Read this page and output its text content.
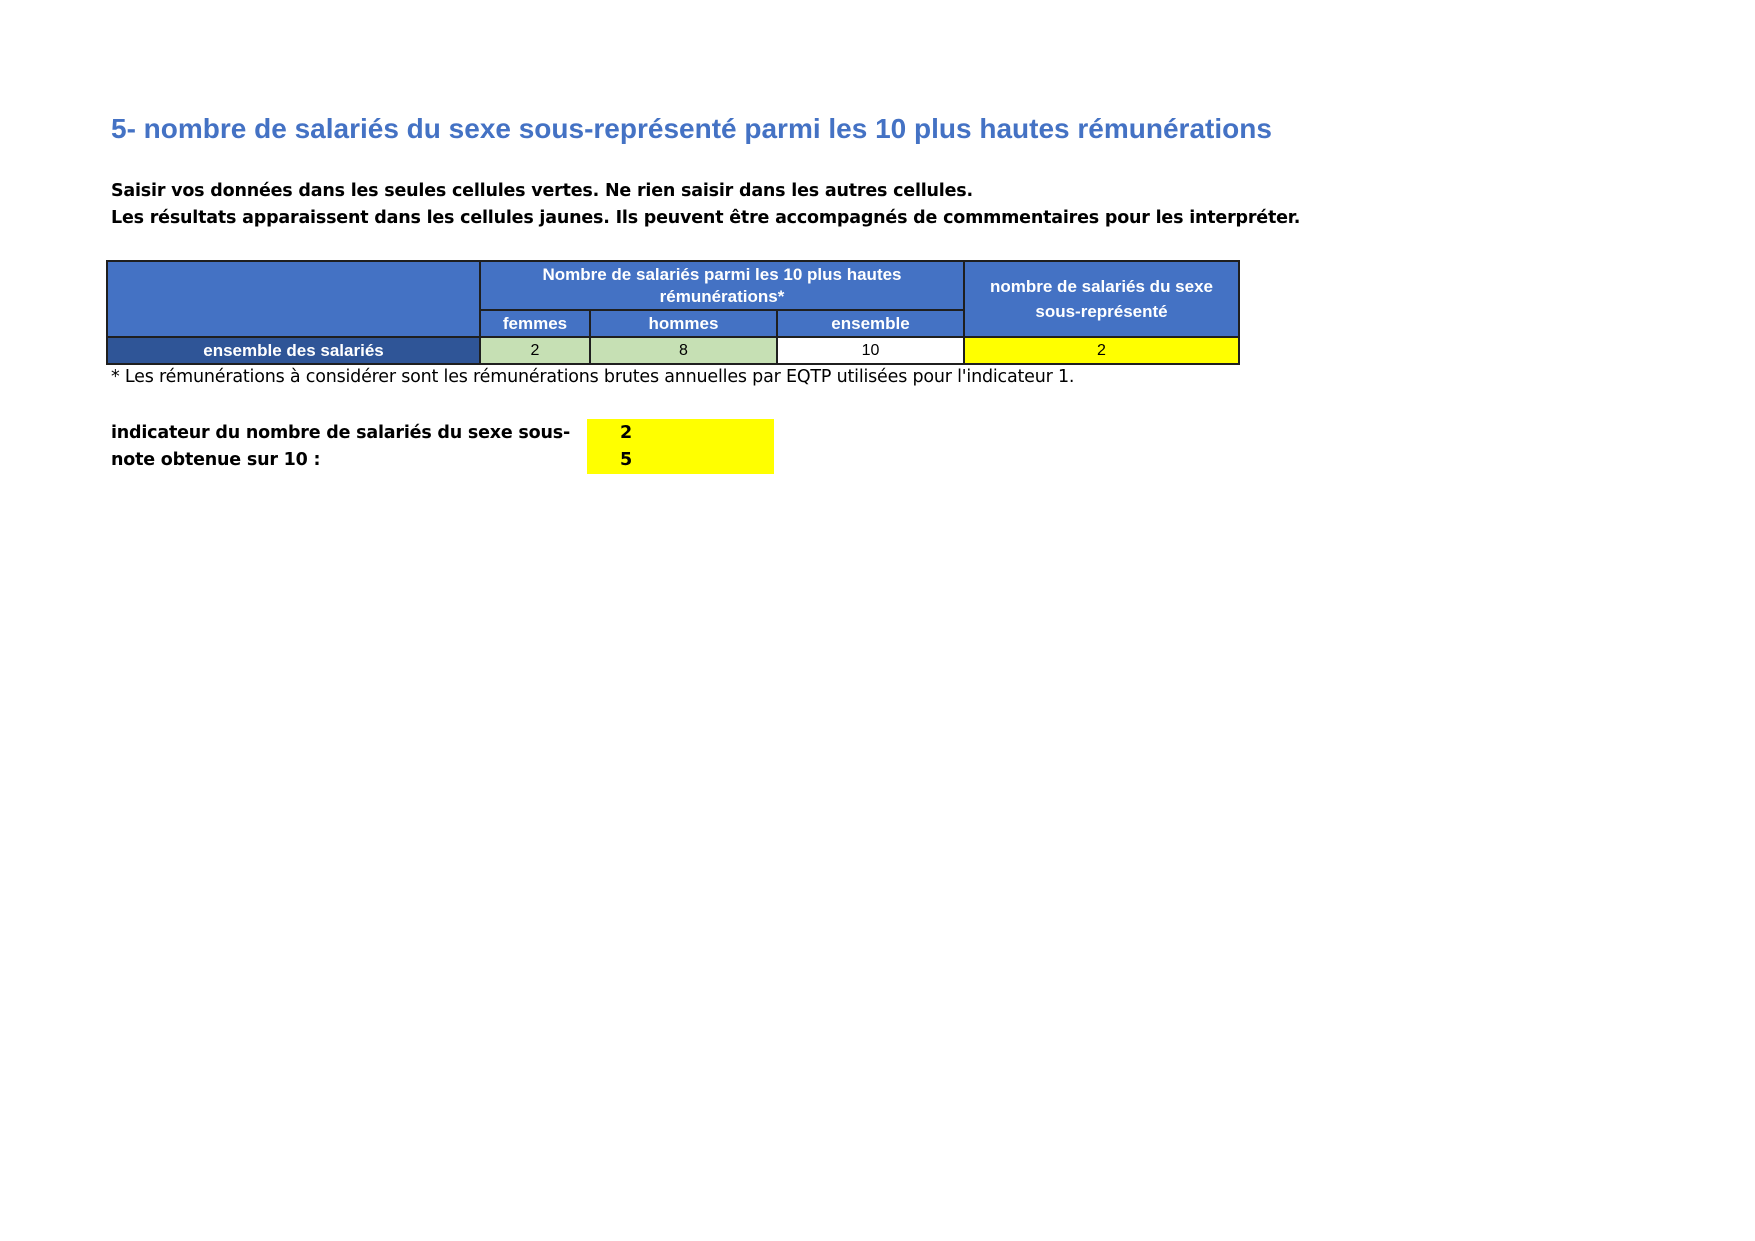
5- nombre de salariés du sexe sous-représenté parmi les 10 plus hautes rémunérations
Saisir vos données dans les seules cellules vertes. Ne rien saisir dans les autres cellules.
Les résultats apparaissent dans les cellules jaunes. Ils peuvent être accompagnés de commmentaires pour les interpréter.
	Nombre de salariés parmi les 10 plus hautes rémunérations*			nombre de salariés du sexe sous-représenté
	femmes	hommes	ensemble	
ensemble des salariés	2	8	10	2
* Les rémunérations à considérer sont les rémunérations brutes annuelles par EQTP utilisées pour l'indicateur 1.
indicateur du nombre de salariés du sexe sous-	2
note obtenue sur 10 :	5
